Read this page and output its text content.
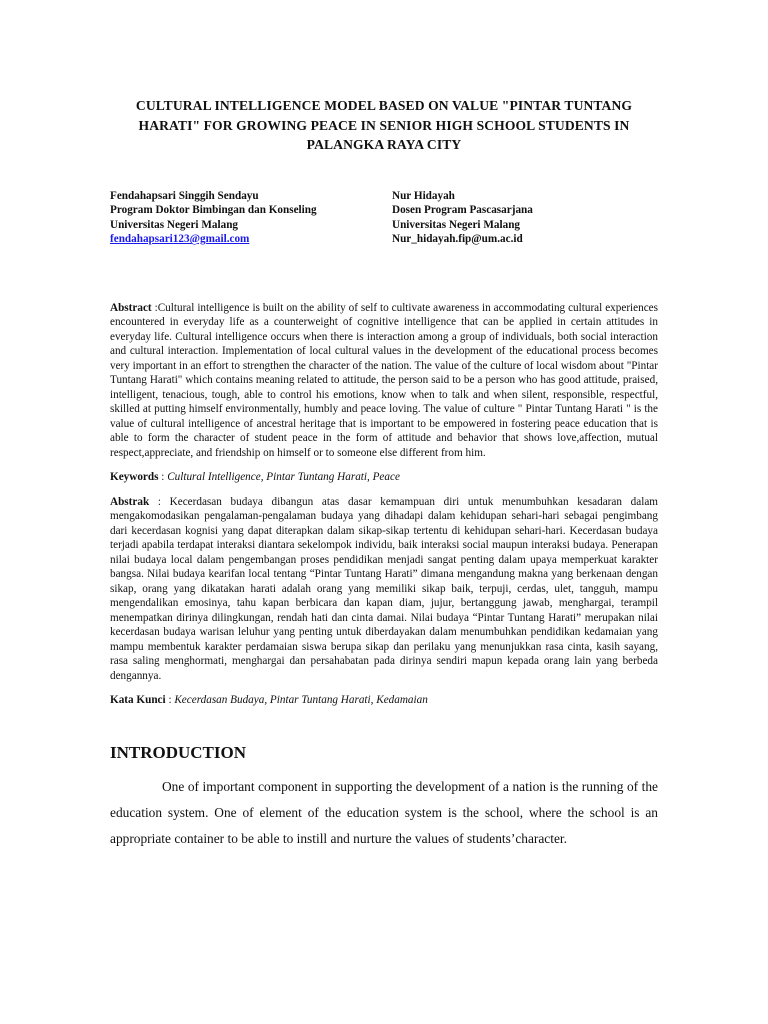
CULTURAL INTELLIGENCE MODEL BASED ON VALUE "PINTAR TUNTANG HARATI" FOR GROWING PEACE IN SENIOR HIGH SCHOOL STUDENTS IN PALANGKA RAYA CITY
Fendahapsari Singgih Sendayu
Program Doktor Bimbingan dan Konseling
Universitas Negeri Malang
fendahapsari123@gmail.com
Nur Hidayah
Dosen Program Pascasarjana
Universitas Negeri Malang
Nur_hidayah.fip@um.ac.id

Abstract :Cultural intelligence is built on the ability of self to cultivate awareness in accommodating cultural experiences encountered in everyday life as a counterweight of cognitive intelligence that can be applied in certain attitudes in everyday life. Cultural intelligence occurs when there is interaction among a group of individuals, both social interaction and cultural interaction. Implementation of local cultural values in the development of the educational process becomes very important in an effort to strengthen the character of the nation. The value of the culture of local wisdom about "Pintar Tuntang Harati" which contains meaning related to attitude, the person said to be a person who has good attitude, praised, intelligent, tenacious, tough, able to control his emotions, know when to talk and when silent, responsible, respectful, skilled at putting himself environmentally, humbly and peace loving. The value of culture " Pintar Tuntang Harati " is the value of cultural intelligence of ancestral heritage that is important to be empowered in fostering peace education that is able to form the character of student peace in the form of attitude and behavior that shows love,affection, mutual respect,appreciate, and friendship on himself or to someone else different from him.

Keywords : Cultural Intelligence, Pintar Tuntang Harati, Peace

Abstrak : Kecerdasan budaya dibangun atas dasar kemampuan diri untuk menumbuhkan kesadaran dalam mengakomodasikan pengalaman-pengalaman budaya yang dihadapi dalam kehidupan sehari-hari sebagai pengimbang dari kecerdasan kognisi yang dapat diterapkan dalam sikap-sikap tertentu di kehidupan sehari-hari. Kecerdasan budaya terjadi apabila terdapat interaksi diantara sekelompok individu, baik interaksi social maupun interaksi budaya. Penerapan nilai budaya local dalam pengembangan proses pendidikan menjadi sangat penting dalam upaya memperkuat karakter bangsa. Nilai budaya kearifan local tentang “Pintar Tuntang Harati” dimana mengandung makna yang berkenaan dengan sikap, orang yang dikatakan harati adalah orang yang memiliki sikap baik, terpuji, cerdas, ulet, tangguh, mampu mengendalikan emosinya, tahu kapan berbicara dan kapan diam, jujur, bertanggung jawab, menghargai, terampil menempatkan dirinya dilingkungan, rendah hati dan cinta damai. Nilai budaya “Pintar Tuntang Harati” merupakan nilai kecerdasan budaya warisan leluhur yang penting untuk diberdayakan dalam menumbuhkan pendidikan kedamaian yang mampu membentuk karakter perdamaian siswa berupa sikap dan perilaku yang menunjukkan rasa cinta, kasih sayang, rasa saling menghormati, menghargai dan persahabatan pada dirinya sendiri mapun kepada orang lain yang berbeda dengannya.

Kata Kunci : Kecerdasan Budaya, Pintar Tuntang Harati, Kedamaian

INTRODUCTION

One of important component in supporting the development of a nation is the running of the education system. One of element of the education system is the school, where the school is an appropriate container to be able to instill and nurture the values of students’character.
